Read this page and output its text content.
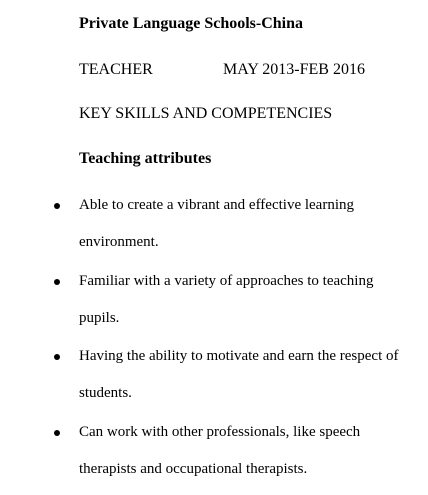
Private Language Schools-China
TEACHER	MAY 2013-FEB 2016
KEY SKILLS AND COMPETENCIES
Teaching attributes
Able to create a vibrant and effective learning environment.
Familiar with a variety of approaches to teaching pupils.
Having the ability to motivate and earn the respect of students.
Can work with other professionals, like speech therapists and occupational therapists.
